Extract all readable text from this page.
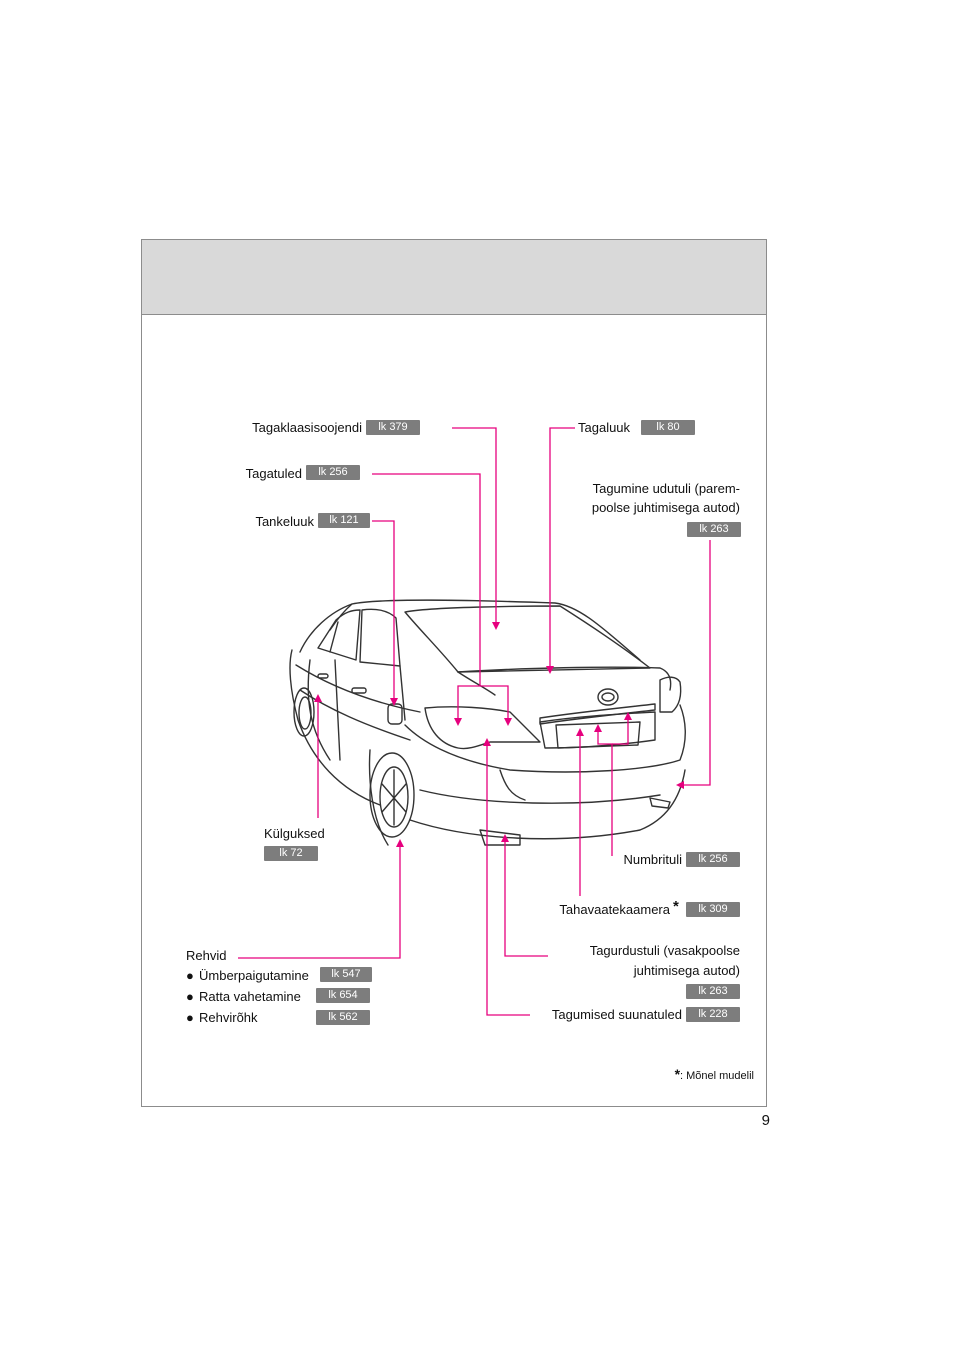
Tagaklaasisoojendi	lk 379
Tagatuled	lk 256
Tankeluuk	lk 121
Külguksed
lk 72
Rehvid
● Ümberpaigutamine	lk 547
● Ratta vahetamine	lk 654
● Rehvirõhk	lk 562
Tagaluuk	lk 80
Tagumine udutuli (parem-
poolse juhtimisega autod)
lk 263
Numbrituli	lk 256
Tahavaatekaamera *	lk 309
Tagurdustuli (vasakpoolse
juhtimisega autod)
lk 263
Tagumised suunatuled	lk 228
*: Mõnel mudelil
9
